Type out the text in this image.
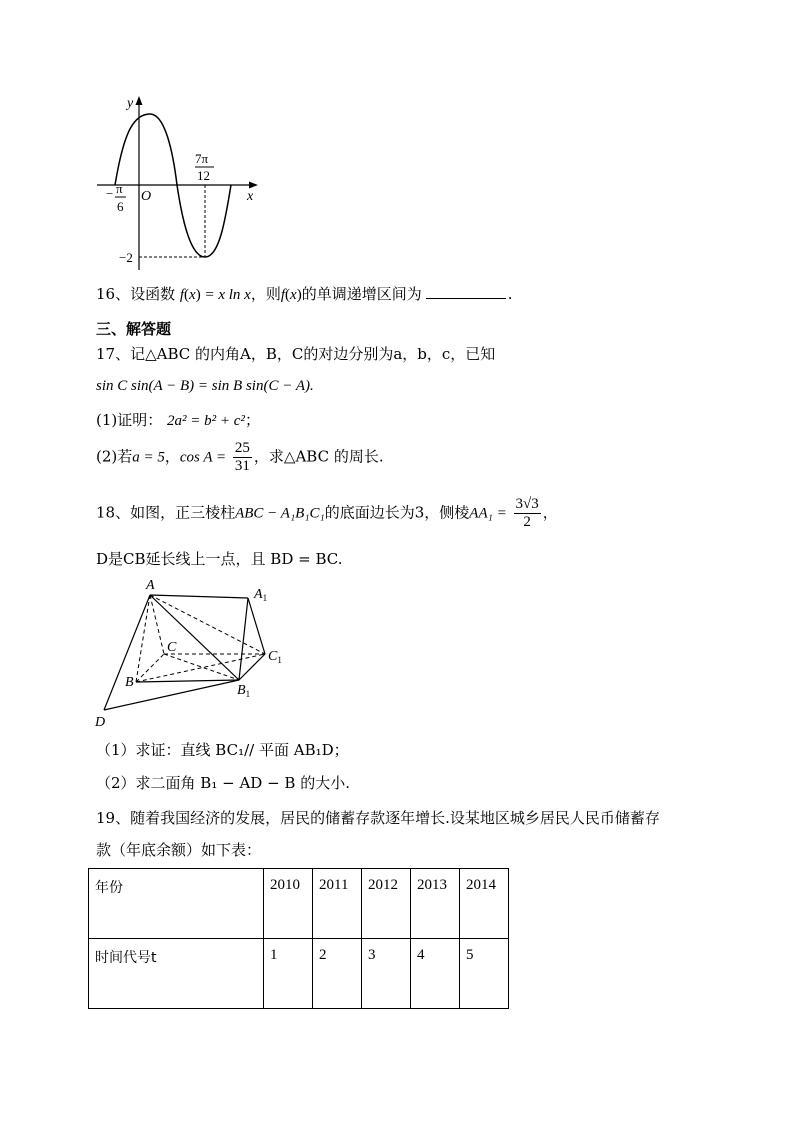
y
x
O
7π
12
− π
6
−2
16、设函数 f(x) = x ln x，则f(x)的单调递增区间为	.
三、解答题
17、记△ABC 的内角A，B，C的对边分别为a，b，c，已知
sin C sin(A − B) = sin B sin(C − A).
(1)证明： 2a² = b² + c²；
(2)若a = 5，$\cos A = \frac{25}{31}$ ，求△ABC 的周长.
18、如图，正三棱柱ABC − A₁B₁C₁的底面边长为3，侧棱$AA_1 = \frac{3√3}{2}$ ，
D是CB延长线上一点，且 BD = BC.
A
$A_1$
C
$C_1$
B
$B_1$
D
（1）求证：直线 BC₁// 平面 AB₁D；
（2）求二面角 B₁ − AD − B 的大小.
19、随着我国经济的发展，居民的储蓄存款逐年增长.设某地区城乡居民人民币储蓄存
款（年底余额）如下表：
年份	2010	2011	2012	2013	2014
时间代号t	1	2	3	4	5
